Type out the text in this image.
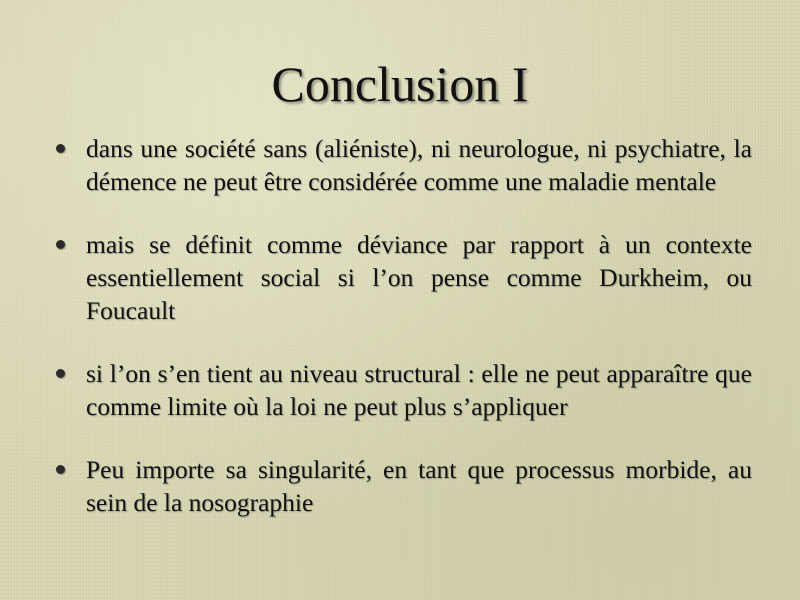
Conclusion I
dans une société sans (aliéniste), ni neurologue, ni psychiatre, la démence ne peut être considérée comme une maladie mentale
mais se définit comme déviance par rapport à un contexte essentiellement social si l’on pense comme Durkheim, ou Foucault
si l’on s’en tient au niveau structural : elle ne peut apparaître que comme limite où la loi ne peut plus s’appliquer
Peu importe sa singularité, en tant que processus morbide, au sein de la nosographie
